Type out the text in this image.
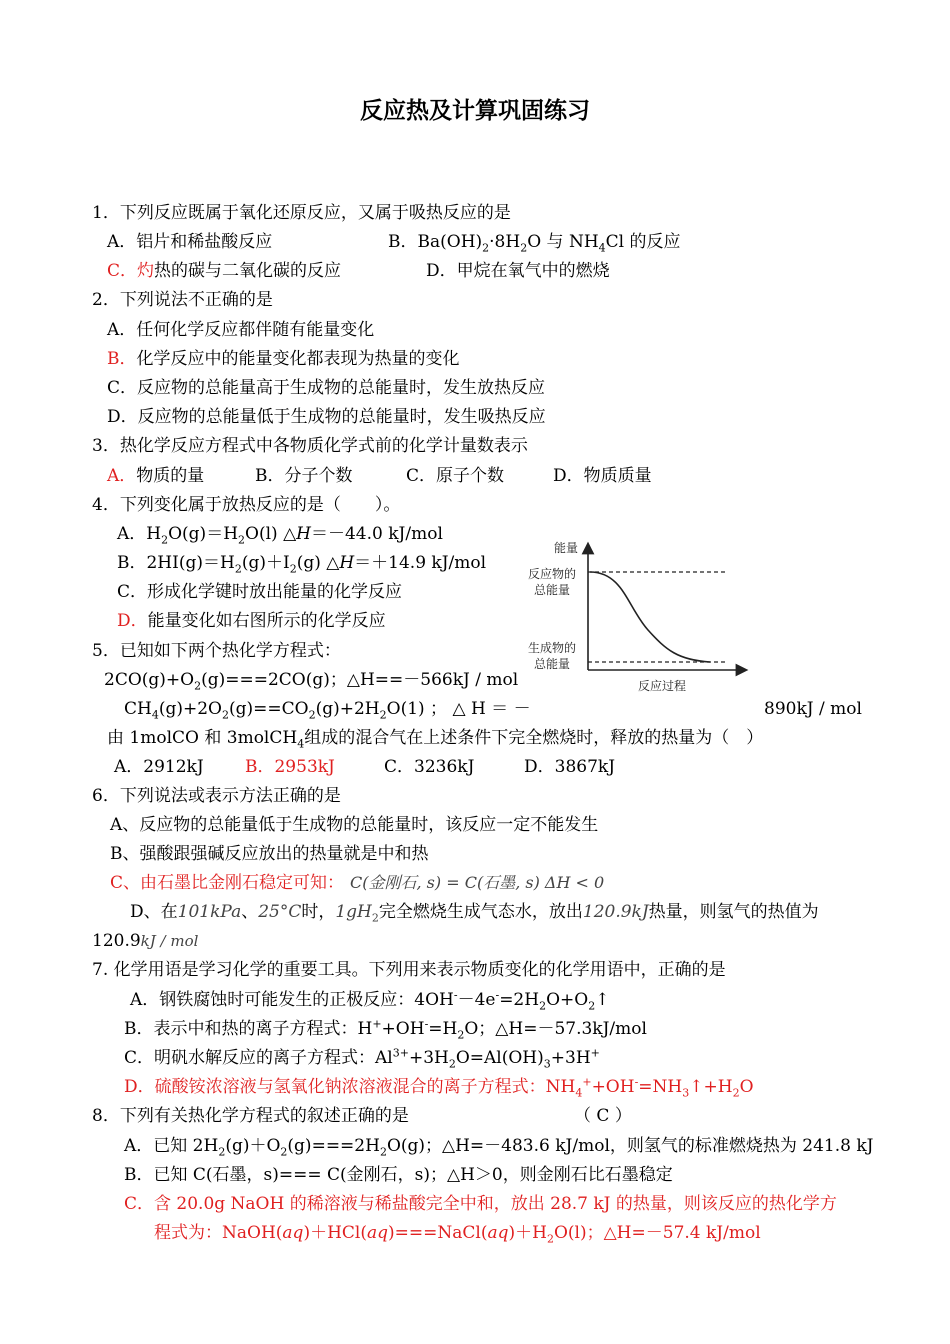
反应热及计算巩固练习
1．下列反应既属于氧化还原反应，又属于吸热反应的是
A．铝片和稀盐酸反应	B．$Ba(OH)_2\cdot 8H_2O$ 与 $NH_4Cl$ 的反应
C．灼热的碳与二氧化碳的反应	D．甲烷在氧气中的燃烧
2．下列说法不正确的是
A．任何化学反应都伴随有能量变化
B．化学反应中的能量变化都表现为热量的变化
C．反应物的总能量高于生成物的总能量时，发生放热反应
D．反应物的总能量低于生成物的总能量时，发生吸热反应
3．热化学反应方程式中各物质化学式前的化学计量数表示
A．物质的量	B．分子个数	C．原子个数	D．物质质量
4．下列变化属于放热反应的是（　　）。
A．$H_2O(g)=H_2O(l)$ △H＝－44.0 kJ/mol
B．$2HI(g)=H_2(g)+I_2(g)$ △H＝＋14.9 kJ/mol
C．形成化学键时放出能量的化学反应
D．能量变化如右图所示的化学反应
能量
反应物的
总能量
生成物的
总能量
反应过程
5．已知如下两个热化学方程式：
$2CO(g)+O_2(g)===2CO(g)$；△H==－566kJ / mol
$CH_4(g)+2O_2(g)==CO_2(g)+2H_2O(1)$ ； △ H ＝ －	890kJ / mol
由 1molCO 和 3molCH$_4$组成的混合气在上述条件下完全燃烧时，释放的热量为（　）
A．2912kJ B．2953kJ	C．3236kJ	D．3867kJ
6．下列说法或表示方法正确的是
A、反应物的总能量低于生成物的总能量时，该反应一定不能发生
B、强酸跟强碱反应放出的热量就是中和热
C、由石墨比金刚石稳定可知： C(金刚石, s) = C(石墨, s) ΔH < 0
D、在101kPa、25°C时，$1gH_2$完全燃烧生成气态水，放出120.9kJ热量，则氢气的热值为
120.9kJ / mol
7. 化学用语是学习化学的重要工具。下列用来表示物质变化的化学用语中，正确的是
A．钢铁腐蚀时可能发生的正极反应：$4OH^--4e^-=2H_2O+O_2↑$
B．表示中和热的离子方程式：$H^++OH^-=H_2O$；△H=－57.3kJ/mol
C．明矾水解反应的离子方程式：$Al^{3+}+3H_2O=Al(OH)_3+3H^+$
D．硫酸铵浓溶液与氢氧化钠浓溶液混合的离子方程式：$NH_4^++OH^-=NH_3↑+H_2O$
8．下列有关热化学方程式的叙述正确的是	（ C ）
A．已知 $2H_2(g)+O_2(g)===2H_2O(g)$；△H=－483.6 kJ/mol，则氢气的标准燃烧热为 241.8 kJ
B．已知 C(石墨，s)=== C(金刚石，s)；△H＞0，则金刚石比石墨稳定
C．含 20.0g NaOH 的稀溶液与稀盐酸完全中和，放出 28.7 kJ 的热量，则该反应的热化学方
程式为：$NaOH(aq)+HCl(aq)===NaCl(aq)+H_2O(l)$；△H=－57.4 kJ/mol
